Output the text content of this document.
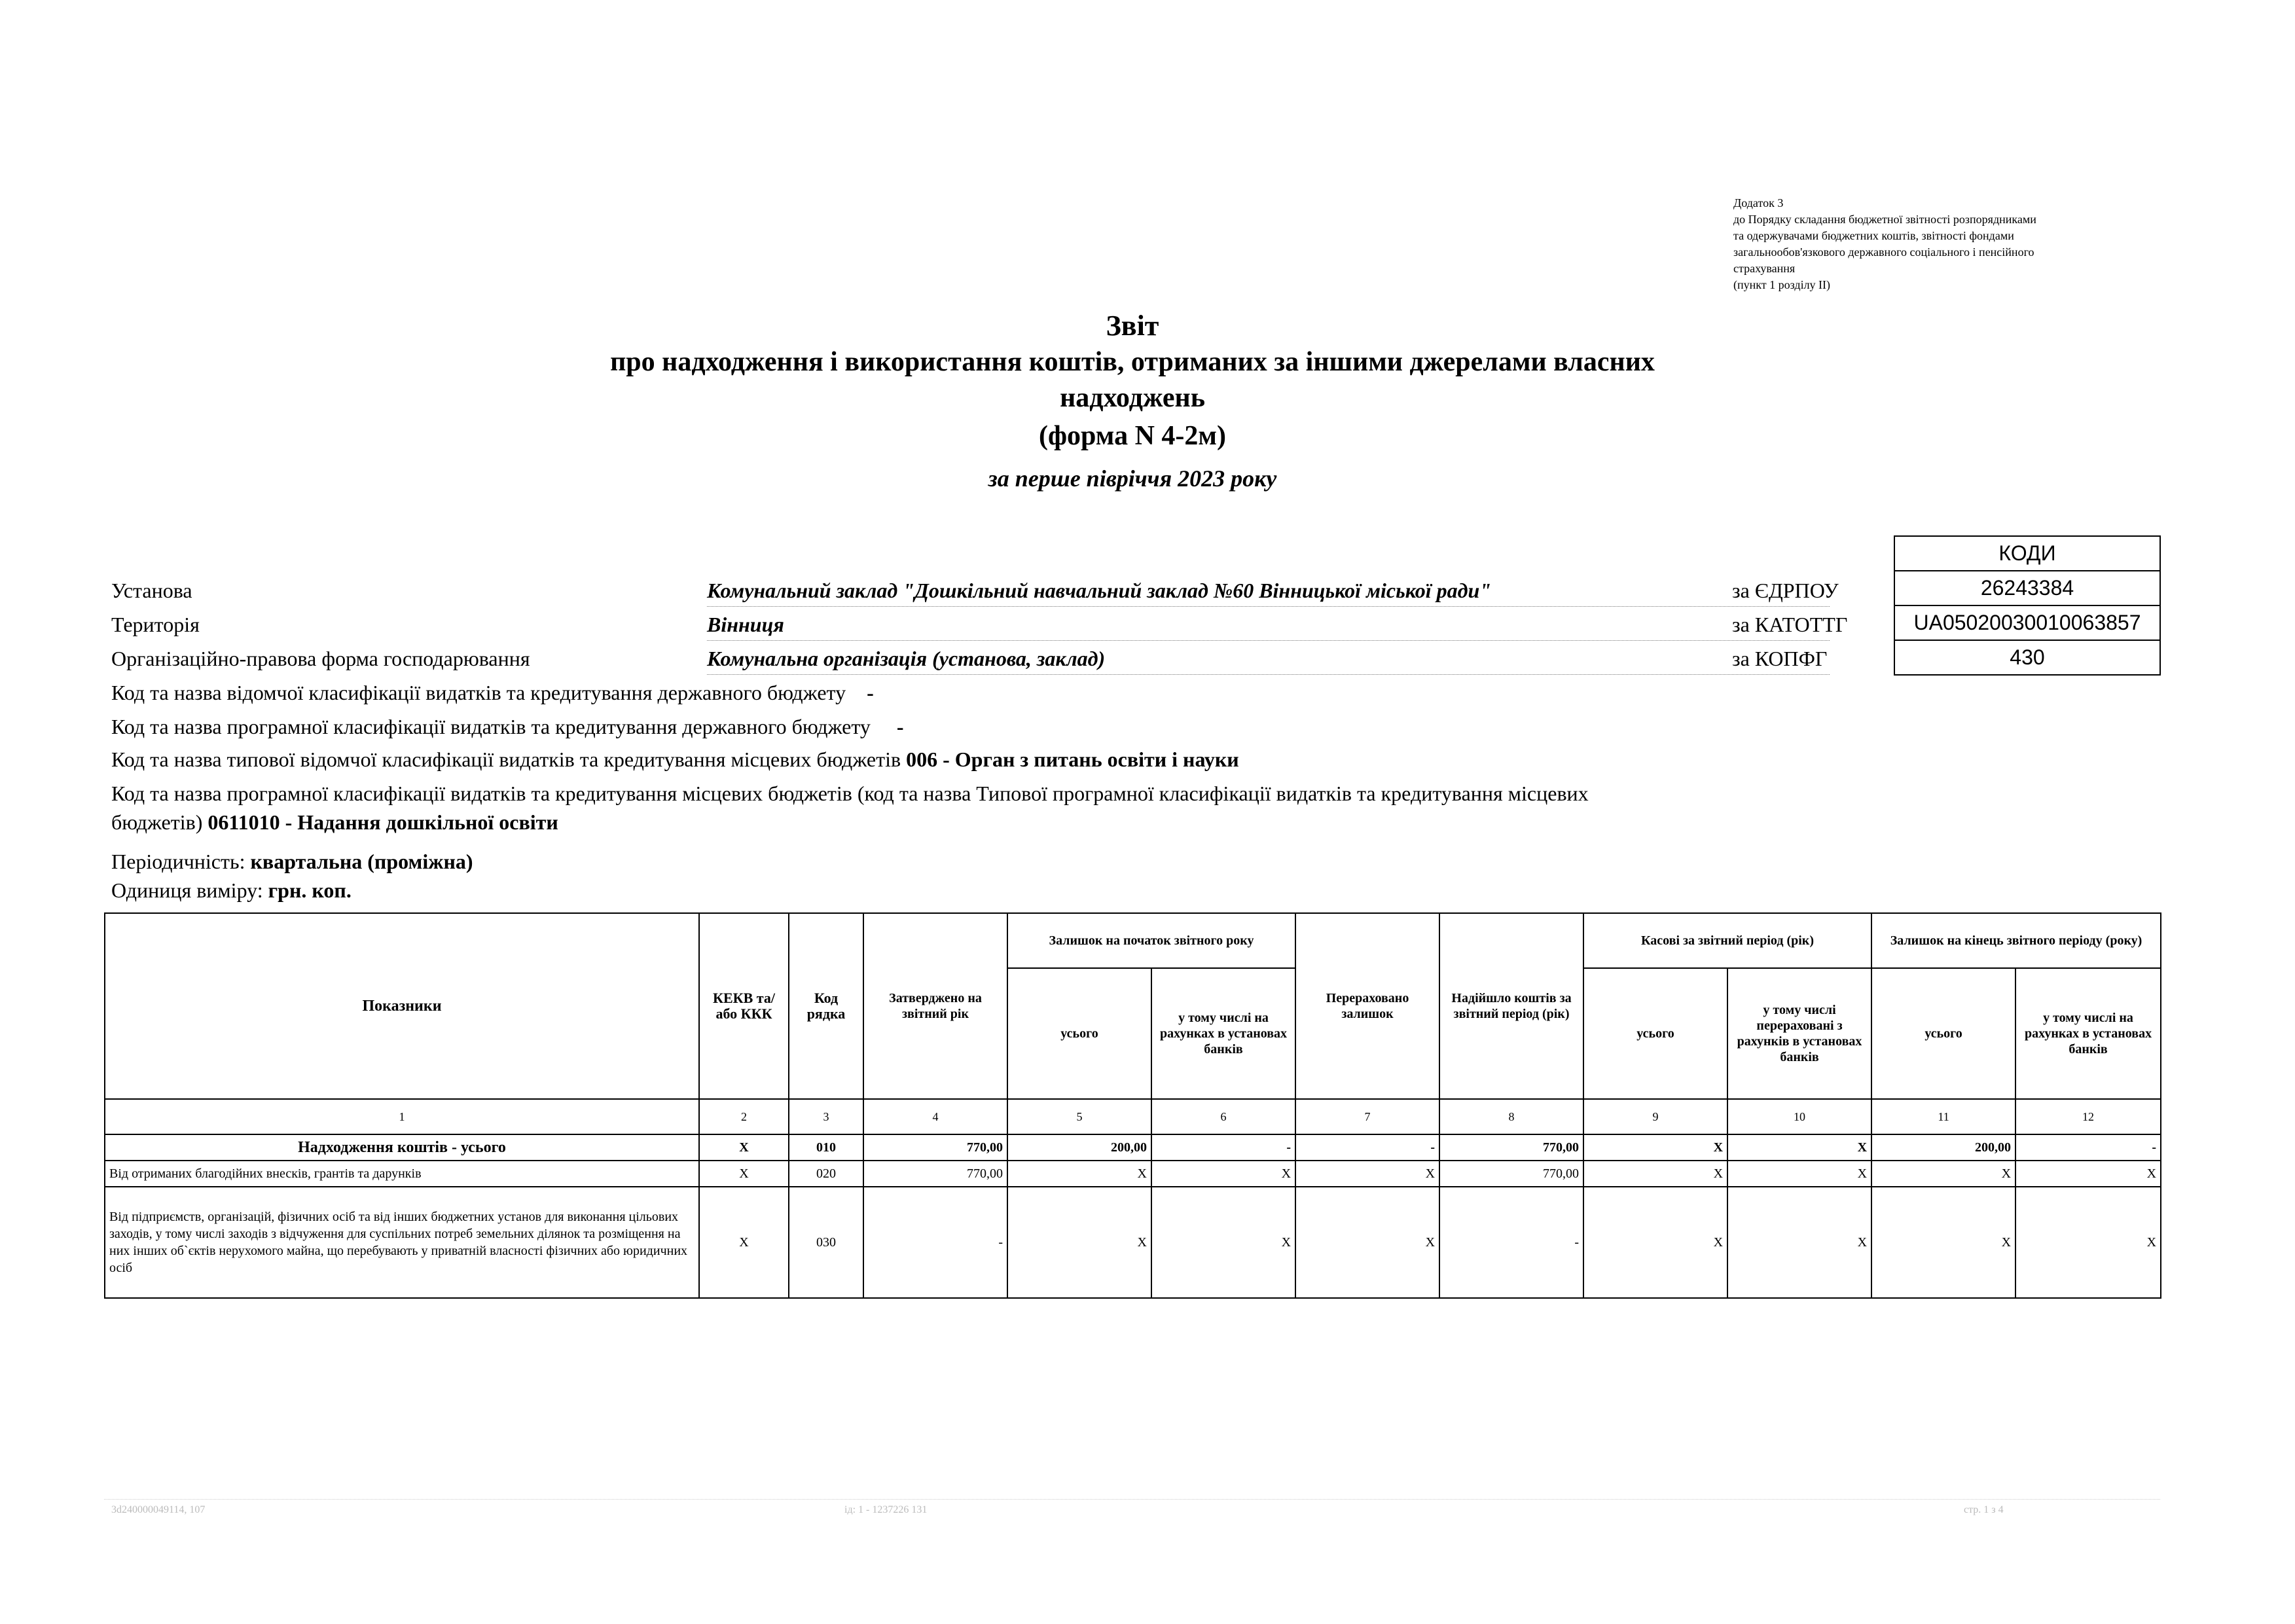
Додаток 3
до Порядку складання бюджетної звітності розпорядниками
та одержувачами бюджетних коштів, звітності фондами
загальнообов'язкового державного соціального і пенсійного
страхування
(пункт 1 розділу II)
Звіт
про надходження і використання коштів, отриманих за іншими джерелами власних
надходжень
(форма N 4-2м)
за перше півріччя 2023 року
КОДИ
26243384
UA05020030010063857
430
Установа	Комунальний заклад "Дошкільний навчальний заклад №60 Вінницької міської ради"	за ЄДРПОУ
Територія	Вінниця	за КАТОТТГ
Організаційно-правова форма господарювання	Комунальна організація (установа, заклад)	за КОПФГ
Код та назва відомчої класифікації видатків та кредитування державного бюджету -
Код та назва програмної класифікації видатків та кредитування державного бюджету -
Код та назва типової відомчої класифікації видатків та кредитування місцевих бюджетів 006 - Орган з питань освіти і науки
Код та назва програмної класифікації видатків та кредитування місцевих бюджетів (код та назва Типової програмної класифікації видатків та кредитування місцевих бюджетів) 0611010 - Надання дошкільної освіти
Періодичність: квартальна (проміжна)
Одиниця виміру: грн. коп.
Показники	КЕКВ та/або ККК	Код рядка	Затверджено на звітний рік	Залишок на початок звітного року		Перераховано залишок	Надійшло коштів за звітний період (рік)	Касові за звітний період (рік)		Залишок на кінець звітного періоду (року)	
				усього	у тому числі на рахунках в установах банків			усього	у тому числі перераховані з рахунків в установах банків	усього	у тому числі на рахунках в установах банків
1	2	3	4	5	6	7	8	9	10	11	12
Надходження коштів - усього	X	010	770,00	200,00	-	-	770,00	X	X	200,00	-
Від отриманих благодійних внесків, грантів та дарунків	X	020	770,00	X	X	X	770,00	X	X	X	X
Від підприємств, організацій, фізичних осіб та від інших бюджетних установ для виконання цільових заходів, у тому числі заходів з відчуження для суспільних потреб земельних ділянок та розміщення на них інших об`єктів нерухомого майна, що перебувають у приватній власності фізичних або юридичних осіб	X	030	-	X	X	X	-	X	X	X	X
3d240000049114, 107	ід: 1 - 1237226 131	стр. 1 з 4
